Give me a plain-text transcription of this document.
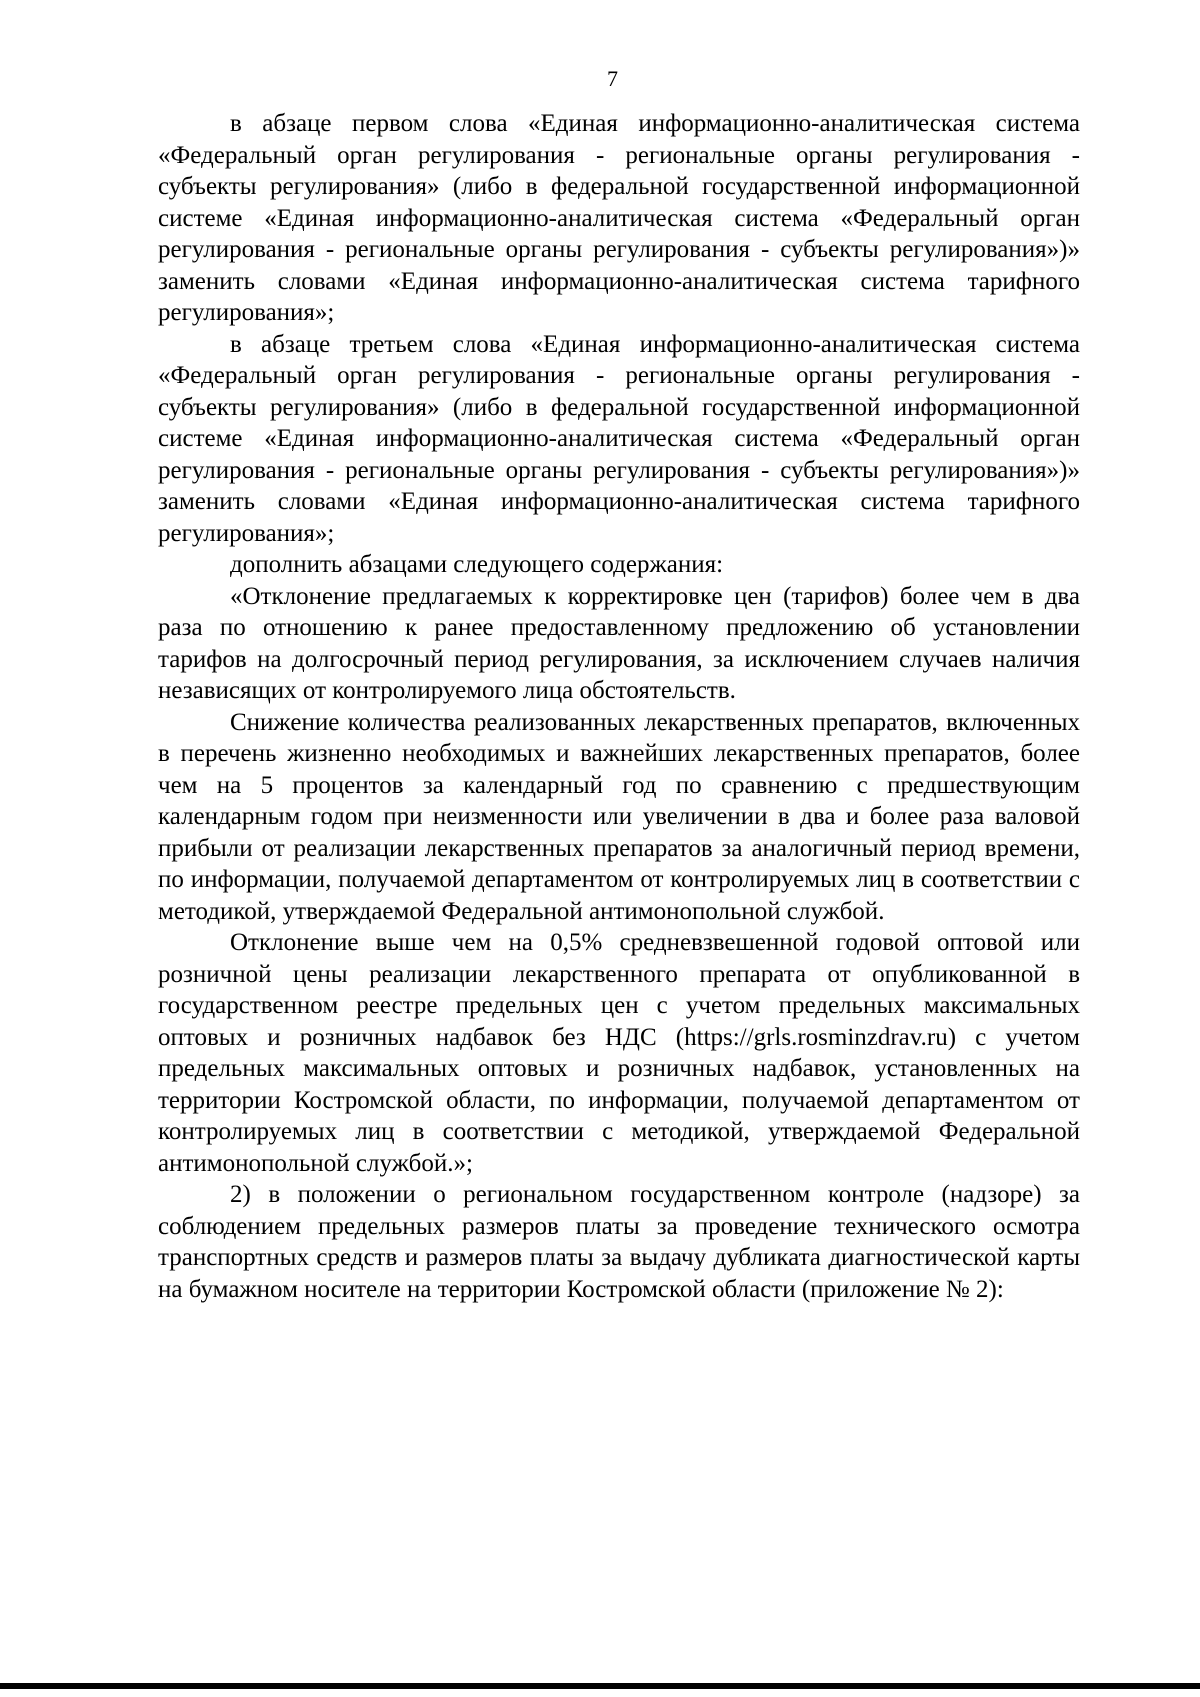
7

в абзаце первом слова «Единая информационно-аналитическая система «Федеральный орган регулирования - региональные органы регулирования - субъекты регулирования» (либо в федеральной государственной информационной системе «Единая информационно-аналитическая система «Федеральный орган регулирования - региональные органы регулирования - субъекты регулирования»)» заменить словами «Единая информационно-аналитическая система тарифного регулирования»;

в абзаце третьем слова «Единая информационно-аналитическая система «Федеральный орган регулирования - региональные органы регулирования - субъекты регулирования» (либо в федеральной государственной информационной системе «Единая информационно-аналитическая система «Федеральный орган регулирования - региональные органы регулирования - субъекты регулирования»)» заменить словами «Единая информационно-аналитическая система тарифного регулирования»;

дополнить абзацами следующего содержания:

«Отклонение предлагаемых к корректировке цен (тарифов) более чем в два раза по отношению к ранее предоставленному предложению об установлении тарифов на долгосрочный период регулирования, за исключением случаев наличия независящих от контролируемого лица обстоятельств.

Снижение количества реализованных лекарственных препаратов, включенных в перечень жизненно необходимых и важнейших лекарственных препаратов, более чем на 5 процентов за календарный год по сравнению с предшествующим календарным годом при неизменности или увеличении в два и более раза валовой прибыли от реализации лекарственных препаратов за аналогичный период времени, по информации, получаемой департаментом от контролируемых лиц в соответствии с методикой, утверждаемой Федеральной антимонопольной службой.

Отклонение выше чем на 0,5% средневзвешенной годовой оптовой или розничной цены реализации лекарственного препарата от опубликованной в государственном реестре предельных цен с учетом предельных максимальных оптовых и розничных надбавок без НДС (https://grls.rosminzdrav.ru) с учетом предельных максимальных оптовых и розничных надбавок, установленных на территории Костромской области, по информации, получаемой департаментом от контролируемых лиц в соответствии с методикой, утверждаемой Федеральной антимонопольной службой.»;

2) в положении о региональном государственном контроле (надзоре) за соблюдением предельных размеров платы за проведение технического осмотра транспортных средств и размеров платы за выдачу дубликата диагностической карты на бумажном носителе на территории Костромской области (приложение № 2):
